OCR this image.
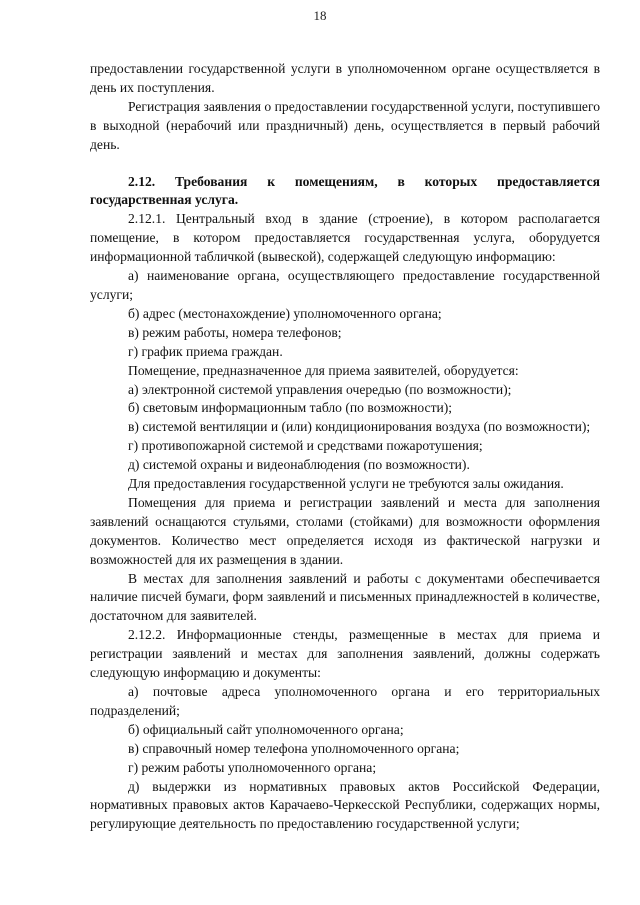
18

предоставлении государственной услуги в уполномоченном органе осуществляется в день их поступления.

Регистрация заявления о предоставлении государственной услуги, поступившего в выходной (нерабочий или праздничный) день, осуществляется в первый рабочий день.

2.12. Требования к помещениям, в которых предоставляется государственная услуга.

2.12.1. Центральный вход в здание (строение), в котором располагается помещение, в котором предоставляется государственная услуга, оборудуется информационной табличкой (вывеской), содержащей следующую информацию:

а) наименование органа, осуществляющего предоставление государственной услуги;

б) адрес (местонахождение) уполномоченного органа;

в) режим работы, номера телефонов;

г) график приема граждан.

Помещение, предназначенное для приема заявителей, оборудуется:

а) электронной системой управления очередью (по возможности);

б) световым информационным табло (по возможности);

в) системой вентиляции и (или) кондиционирования воздуха (по возможности);

г) противопожарной системой и средствами пожаротушения;

д) системой охраны и видеонаблюдения (по возможности).

Для предоставления государственной услуги не требуются залы ожидания.

Помещения для приема и регистрации заявлений и места для заполнения заявлений оснащаются стульями, столами (стойками) для возможности оформления документов. Количество мест определяется исходя из фактической нагрузки и возможностей для их размещения в здании.

В местах для заполнения заявлений и работы с документами обеспечивается наличие писчей бумаги, форм заявлений и письменных принадлежностей в количестве, достаточном для заявителей.

2.12.2. Информационные стенды, размещенные в местах для приема и регистрации заявлений и местах для заполнения заявлений, должны содержать следующую информацию и документы:

а) почтовые адреса уполномоченного органа и его территориальных подразделений;

б) официальный сайт уполномоченного органа;

в) справочный номер телефона уполномоченного органа;

г) режим работы уполномоченного органа;

д) выдержки из нормативных правовых актов Российской Федерации, нормативных правовых актов Карачаево-Черкесской Республики, содержащих нормы, регулирующие деятельность по предоставлению государственной услуги;
